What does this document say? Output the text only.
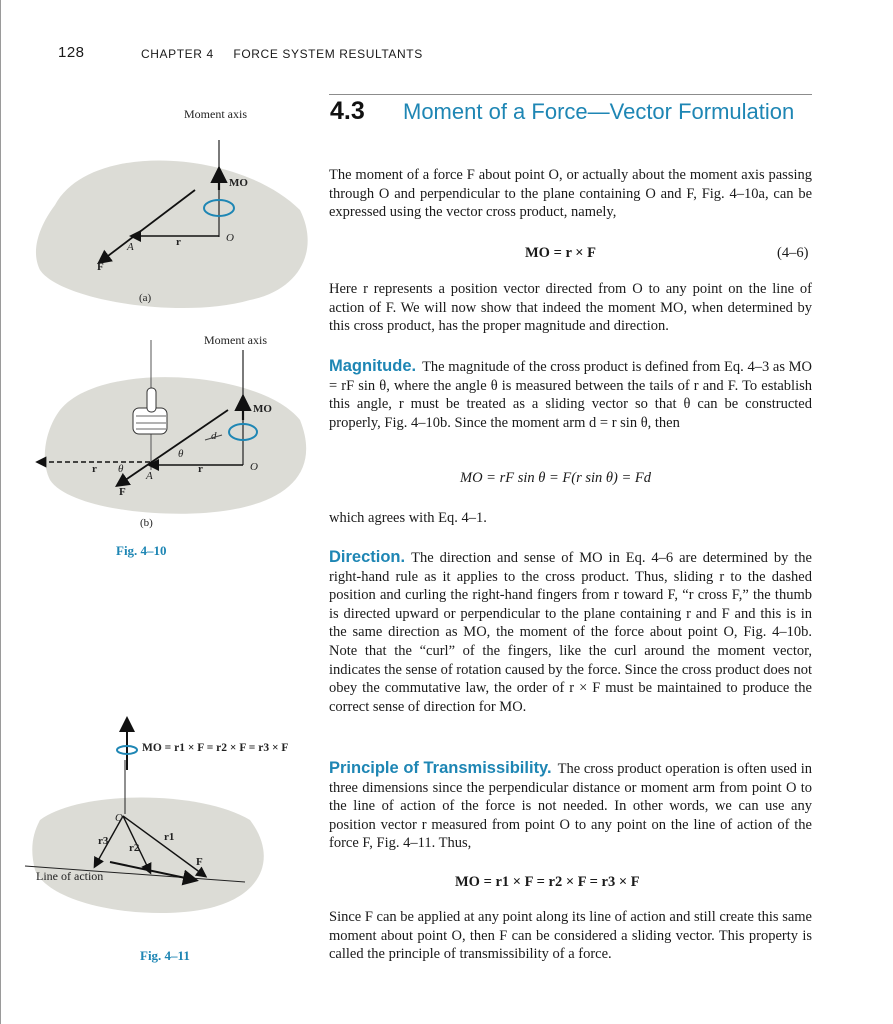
128	CHAPTER 4 FORCE SYSTEM RESULTANTS
4.3 Moment of a Force—Vector Formulation
The moment of a force F about point O, or actually about the moment axis passing through O and perpendicular to the plane containing O and F, Fig. 4–10a, can be expressed using the vector cross product, namely,
MO = r × F	(4–6)
Here r represents a position vector directed from O to any point on the line of action of F. We will now show that indeed the moment MO, when determined by this cross product, has the proper magnitude and direction.
Magnitude. The magnitude of the cross product is defined from Eq. 4–3 as MO = rF sin θ, where the angle θ is measured between the tails of r and F. To establish this angle, r must be treated as a sliding vector so that θ can be constructed properly, Fig. 4–10b. Since the moment arm d = r sin θ, then
MO = rF sin θ = F(r sin θ) = Fd
which agrees with Eq. 4–1.
Direction. The direction and sense of MO in Eq. 4–6 are determined by the right-hand rule as it applies to the cross product. Thus, sliding r to the dashed position and curling the right-hand fingers from r toward F, “r cross F,” the thumb is directed upward or perpendicular to the plane containing r and F and this is in the same direction as MO, the moment of the force about point O, Fig. 4–10b. Note that the “curl” of the fingers, like the curl around the moment vector, indicates the sense of rotation caused by the force. Since the cross product does not obey the commutative law, the order of r × F must be maintained to produce the correct sense of direction for MO.
Principle of Transmissibility. The cross product operation is often used in three dimensions since the perpendicular distance or moment arm from point O to the line of action of the force is not needed. In other words, we can use any position vector r measured from point O to any point on the line of action of the force F, Fig. 4–11. Thus,
MO = r1 × F = r2 × F = r3 × F
Since F can be applied at any point along its line of action and still create this same moment about point O, then F can be considered a sliding vector. This property is called the principle of transmissibility of a force.
Moment axis
MO
O
A	r
F
(a)
Moment axis
MO
O
A
r
r
F
θ
θ
d
(b)
Fig. 4–10
MO = r1 × F = r2 × F = r3 × F
O
r1
r2
r3
F
Line of action
Fig. 4–11
